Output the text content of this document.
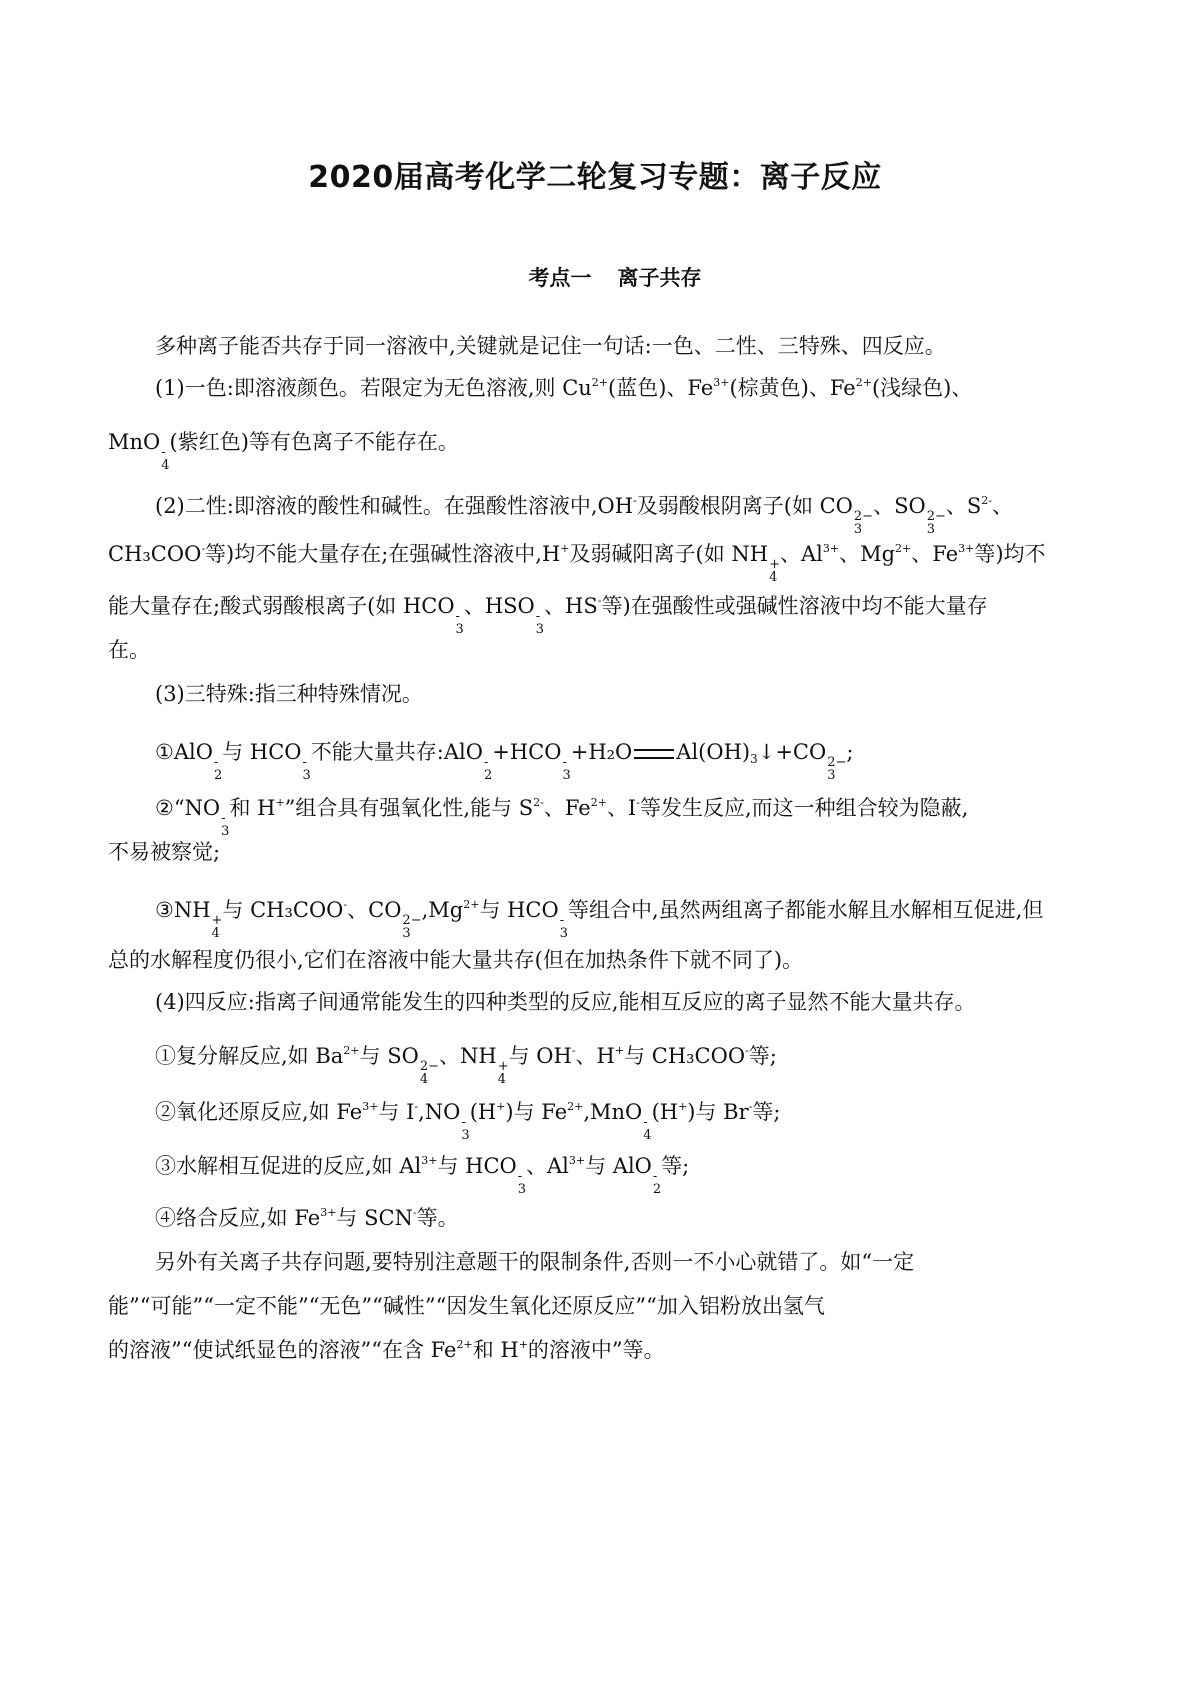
2020届高考化学二轮复习专题：离子反应
考点一 离子共存
多种离子能否共存于同一溶液中,关键就是记住一句话:一色、二性、三特殊、四反应。
(1)一色:即溶液颜色。若限定为无色溶液,则 $Cu^{2+}$(蓝色)、$Fe^{3+}$(棕黄色)、$Fe^{2+}$(浅绿色)、
MnO -
4
(紫红色)等有色离子不能存在。
(2)二性:即溶液的酸性和碱性。在强酸性溶液中,OH-及弱酸根阴离子(如 CO 2−
3
、SO 2−
3
、$S^{2-}$、
CH₃COO-等)均不能大量存在;在强碱性溶液中,H+及弱碱阳离子(如 NH +
4
、$Al^{3+}$、$Mg^{2+}$、$Fe^{3+}$等)均不
能大量存在;酸式弱酸根离子(如 HCO -
3
、HSO -
3
、HS-等)在强酸性或强碱性溶液中均不能大量存
在。
(3)三特殊:指三种特殊情况。
①AlO -
2
与 HCO -
3
不能大量共存:AlO -
2
+HCO -
3
+H₂O $Al(OH)_3↓+CO$ 2−
3
;
②“NO -
3
和 H+”组合具有强氧化性,能与 $S^{2-}$、$Fe^{2+}$、I-等发生反应,而这一种组合较为隐蔽,
不易被察觉;
③NH +
4
与 CH₃COO-、CO 2−
3
$,Mg^{2+}$与 HCO -
3
等组合中,虽然两组离子都能水解且水解相互促进,但
总的水解程度仍很小,它们在溶液中能大量共存(但在加热条件下就不同了)。
(4)四反应:指离子间通常能发生的四种类型的反应,能相互反应的离子显然不能大量共存。
①复分解反应,如 $Ba^{2+}$与 SO 2−
4
、NH +
4
与 OH-、H+与 CH₃COO-等;
②氧化还原反应,如 $Fe^{3+}$与 I-,NO -
3
(H+)与 $Fe^{2+},MnO$ -
4
(H+)与 Br-等;
③水解相互促进的反应,如 $Al^{3+}$与 HCO -
3
、$Al^{3+}$与 AlO -
2
等;
④络合反应,如 $Fe^{3+}$与 SCN-等。
另外有关离子共存问题,要特别注意题干的限制条件,否则一不小心就错了。如“一定
能”“可能”“一定不能”“无色”“碱性”“因发生氧化还原反应”“加入铝粉放出氢气
的溶液”“使试纸显色的溶液”“在含 $Fe^{2+}$和 H+的溶液中”等。
